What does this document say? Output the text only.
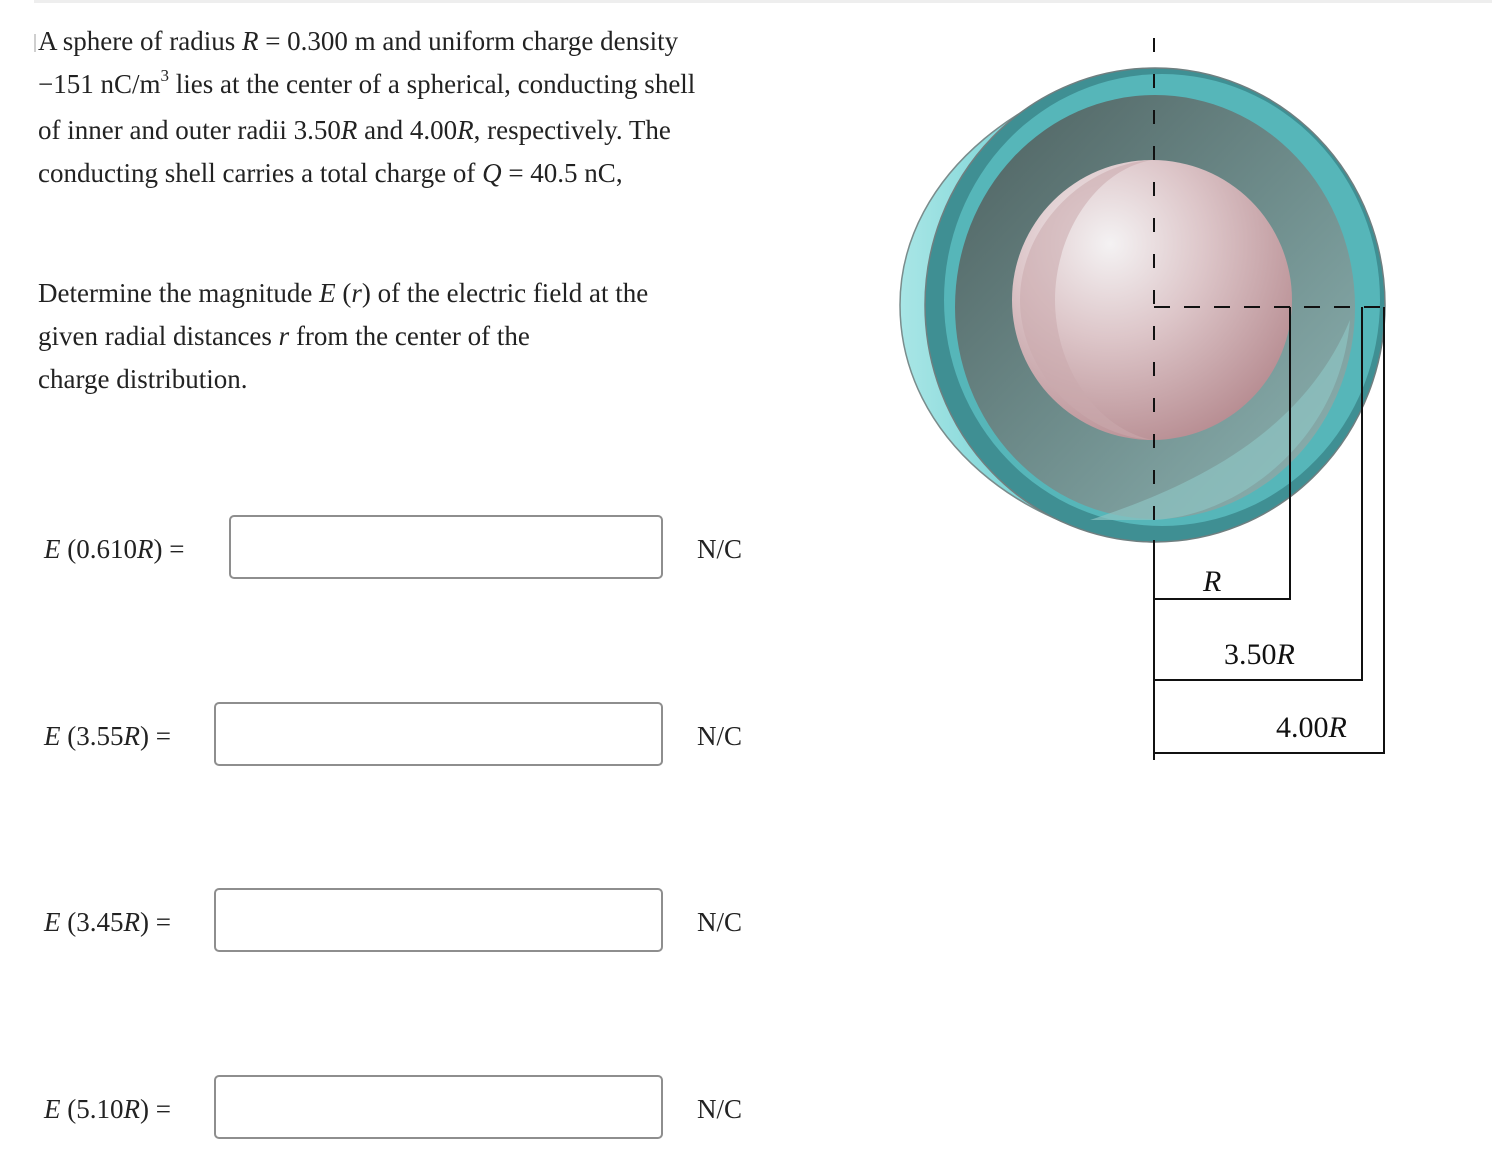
A sphere of radius R = 0.300 m and uniform charge density
−151 $nC/m^3$ lies at the center of a spherical, conducting shell
of inner and outer radii 3.50R and 4.00R, respectively. The
conducting shell carries a total charge of Q = 40.5 nC,
Determine the magnitude E (r) of the electric field at the
given radial distances r from the center of the
charge distribution.
E (0.610R) =	N/C
E (3.55R) =	N/C
E (3.45R) =	N/C
E (5.10R) =	N/C
R
3.50R
4.00R
